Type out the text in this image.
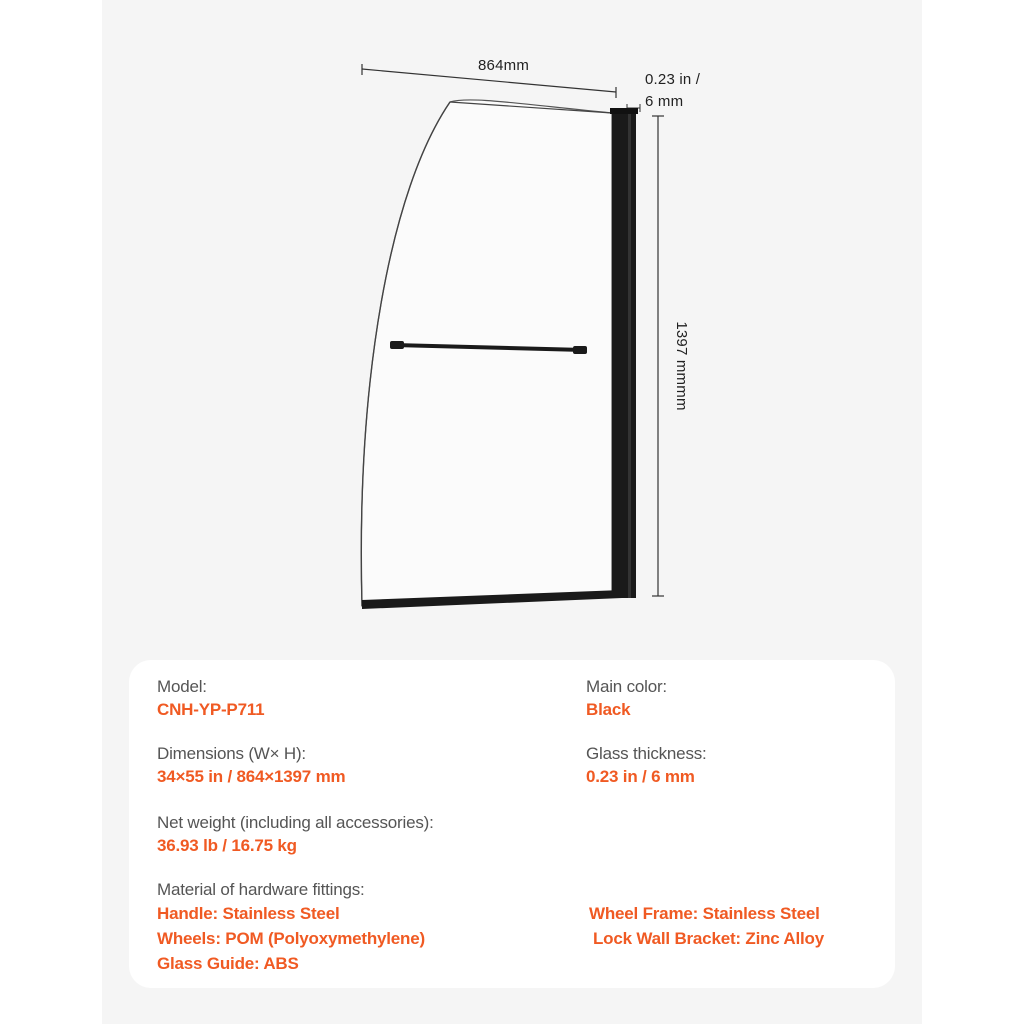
864mm
0.23 in /
6 mm
1397 mmmm
Model:
CNH-YP-P711
Main color:
Black
Dimensions (W× H):
34×55 in / 864×1397 mm
Glass thickness:
0.23 in / 6 mm
Net weight (including all accessories):
36.93 lb / 16.75 kg
Material of hardware fittings:
Handle: Stainless Steel
Wheels: POM (Polyoxymethylene)
Glass Guide: ABS
Wheel Frame: Stainless Steel
Lock Wall Bracket: Zinc Alloy
